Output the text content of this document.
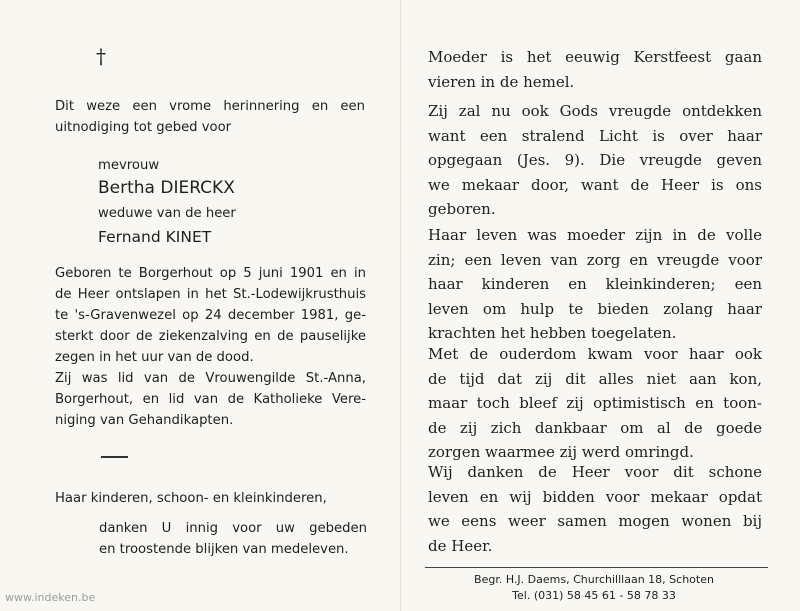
†
Dit weze een vrome herinnering en een
uitnodiging tot gebed voor
mevrouw
Bertha DIERCKX
weduwe van de heer
Fernand KINET
Geboren te Borgerhout op 5 juni 1901 en in
de Heer ontslapen in het St.-Lodewijkrusthuis
te 's-Gravenwezel op 24 december 1981, ge-
sterkt door de ziekenzalving en de pauselijke
zegen in het uur van de dood.
Zij was lid van de Vrouwengilde St.-Anna,
Borgerhout, en lid van de Katholieke Vere-
niging van Gehandikapten.
Haar kinderen, schoon- en kleinkinderen,
danken U innig voor uw gebeden
en troostende blijken van medeleven.
Moeder is het eeuwig Kerstfeest gaan
vieren in de hemel.
Zij zal nu ook Gods vreugde ontdekken
want een stralend Licht is over haar
opgegaan (Jes. 9). Die vreugde geven
we mekaar door, want de Heer is ons
geboren.
Haar leven was moeder zijn in de volle
zin; een leven van zorg en vreugde voor
haar kinderen en kleinkinderen; een
leven om hulp te bieden zolang haar
krachten het hebben toegelaten.
Met de ouderdom kwam voor haar ook
de tijd dat zij dit alles niet aan kon,
maar toch bleef zij optimistisch en toon-
de zij zich dankbaar om al de goede
zorgen waarmee zij werd omringd.
Wij danken de Heer voor dit schone
leven en wij bidden voor mekaar opdat
we eens weer samen mogen wonen bij
de Heer.
Begr. H.J. Daems, Churchilllaan 18, Schoten
Tel. (031) 58 45 61 - 58 78 33
www.indeken.be
